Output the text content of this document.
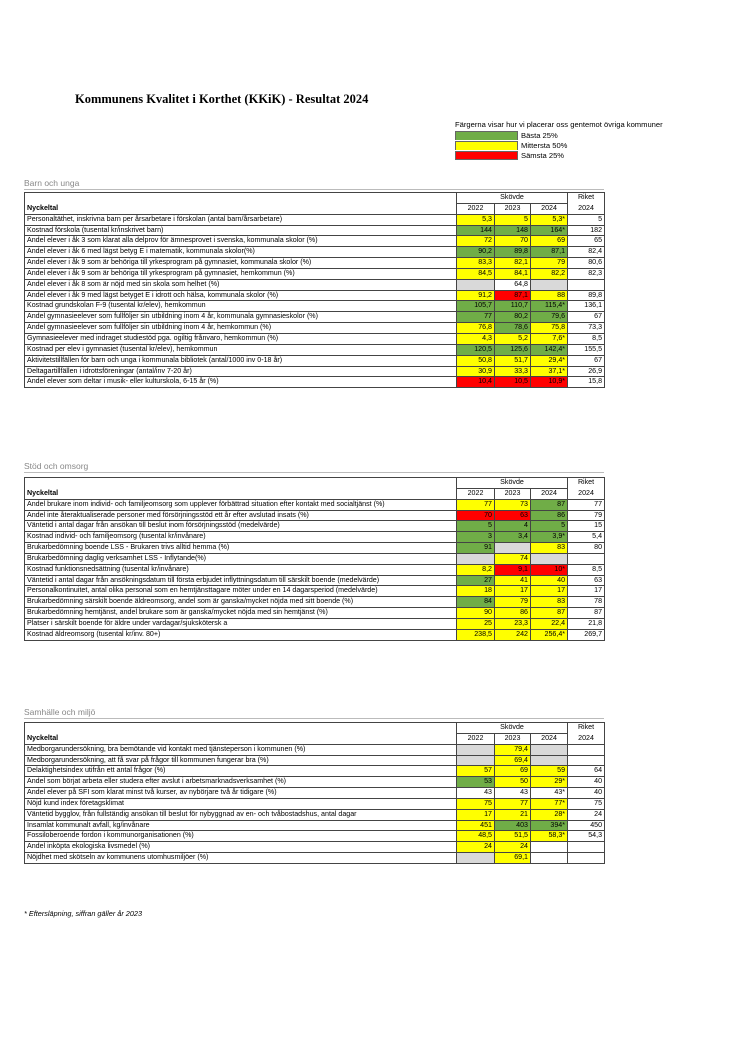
Kommunens Kvalitet i Korthet (KKiK) - Resultat 2024
Färgerna visar hur vi placerar oss gentemot övriga kommuner
Bästa 25%
Mittersta 50%
Sämsta 25%
Barn och unga
	Skövde			Riket
Nyckeltal	2022	2023	2024	2024
Personaltäthet, inskrivna barn per årsarbetare i förskolan (antal barn/årsarbetare)	5,3	5	5,3*	5
Kostnad förskola (tusental kr/inskrivet barn)	144	148	164*	182
Andel elever i åk 3 som klarat alla delprov för ämnesprovet i svenska, kommunala skolor (%)	72	70	69	65
Andel elever i åk 6 med lägst betyg E i matematik, kommunala skolor(%)	90,2	89,8	87,1	82,4
Andel elever i åk 9 som är behöriga till yrkesprogram på gymnasiet, kommunala skolor (%)	83,3	82,1	79	80,6
Andel elever i åk 9 som är behöriga till yrkesprogram på gymnasiet, hemkommun (%)	84,5	84,1	82,2	82,3
Andel elever i åk 8 som är nöjd med sin skola som helhet (%)		64,8		
Andel elever i åk 9 med lägst betyget E i idrott och hälsa, kommunala skolor (%)	91,2	87,1	88	89,8
Kostnad grundskolan F-9 (tusental kr/elev), hemkommun	105,7	110,7	115,4*	136,1
Andel gymnasieelever som fullföljer sin utbildning inom 4 år, kommunala gymnasieskolor (%)	77	80,2	79,6	67
Andel gymnasieelever som fullföljer sin utbildning inom 4 år, hemkommun (%)	76,8	78,6	75,8	73,3
Gymnasieelever med indraget studiestöd pga. ogiltig frånvaro, hemkommun (%)	4,3	5,2	7,6*	8,5
Kostnad per elev i gymnasiet (tusental kr/elev), hemkommun	120,5	125,6	142,4*	155,5
Aktivitetstillfällen för barn och unga i kommunala bibliotek (antal/1000 inv 0-18 år)	50,8	51,7	29,4*	67
Deltagartillfällen i idrottsföreningar (antal/inv 7-20 år)	30,9	33,3	37,1*	26,9
Andel elever som deltar i musik- eller kulturskola, 6-15 år (%)	10,4	10,5	10,9*	15,8
Stöd och omsorg
	Skövde			Riket
Nyckeltal	2022	2023	2024	2024
Andel brukare inom individ- och familjeomsorg som upplever förbättrad situation efter kontakt med socialtjänst (%)	77	73	87	77
Andel inte återaktualiserade personer med försörjningsstöd ett år efter avslutad insats (%)	70	63	86	79
Väntetid i antal dagar från ansökan till beslut inom försörjningsstöd (medelvärde)	5	4	5	15
Kostnad individ- och familjeomsorg (tusental kr/invånare)	3	3,4	3,9*	5,4
Brukarbedömning boende LSS - Brukaren trivs alltid hemma (%)	91		83	80
Brukarbedömning daglig verksamhet LSS - Inflytande(%)		74		
Kostnad funktionsnedsättning (tusental kr/invånare)	8,2	9,1	10*	8,5
Väntetid i antal dagar från ansökningsdatum till första erbjudet inflyttningsdatum till särskilt boende (medelvärde)	27	41	40	63
Personalkontinuitet, antal olika personal som en hemtjänsttagare möter under en 14 dagarsperiod (medelvärde)	18	17	17	17
Brukarbedömning särskilt boende äldreomsorg, andel som är ganska/mycket nöjda med sitt boende (%)	84	79	83	78
Brukarbedömning hemtjänst, andel brukare som är ganska/mycket nöjda med sin hemtjänst (%)	90	86	87	87
Platser i särskilt boende för äldre under vardagar/sjukskötersk a	25	23,3	22,4	21,8
Kostnad äldreomsorg (tusental kr/inv. 80+)	238,5	242	256,4*	269,7
Samhälle och miljö
	Skövde			Riket
Nyckeltal	2022	2023	2024	2024
Medborgarundersökning, bra bemötande vid kontakt med tjänsteperson i kommunen (%)		79,4		
Medborgarundersökning, att få svar på frågor till kommunen fungerar bra (%)		69,4		
Delaktighetsindex utifrån ett antal frågor (%)	57	69	59	64
Andel som börjat arbeta eller studera efter avslut i arbetsmarknadsverksamhet (%)	53	50	29*	40
Andel elever på SFI som klarat minst två kurser, av nybörjare två år tidigare (%)	43	43	43*	40
Nöjd kund index företagsklimat	75	77	77*	75
Väntetid bygglov, från fullständig ansökan till beslut för nybyggnad av en- och tvåbostadshus, antal dagar	17	21	28*	24
Insamlat kommunalt avfall, kg/invånare	451	403	394*	450
Fossiloberoende fordon i kommunorganisationen (%)	48,5	51,5	58,3*	54,3
Andel inköpta ekologiska livsmedel (%)	24	24		
Nöjdhet med skötseln av kommunens utomhusmiljöer (%)		69,1		
* Eftersläpning, siffran gäller år 2023
